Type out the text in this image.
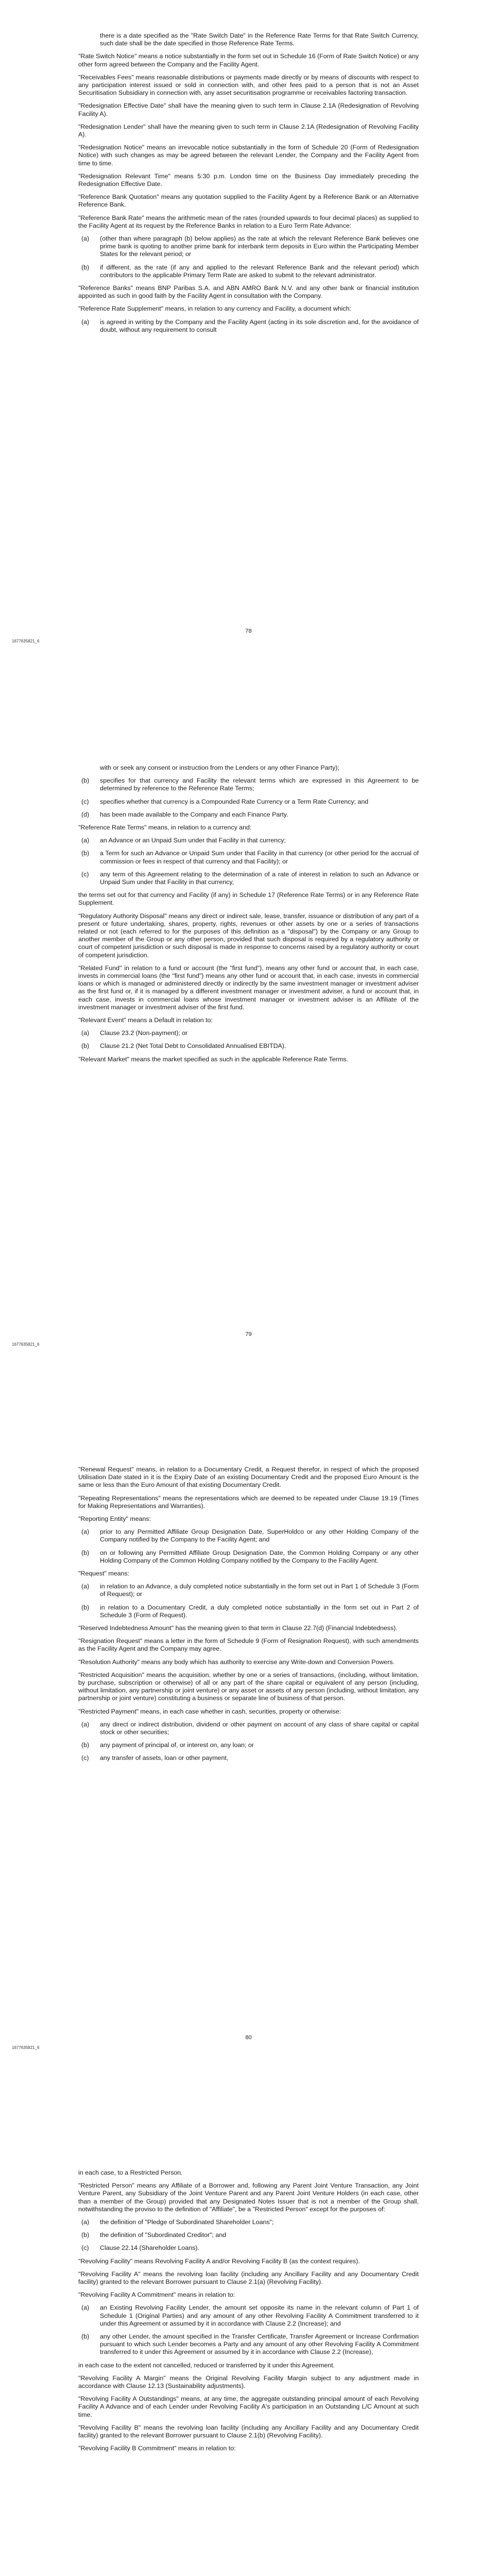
there is a date specified as the "Rate Switch Date" in the Reference Rate Terms for that Rate Switch Currency, such date shall be the date specified in those Reference Rate Terms.

"Rate Switch Notice" means a notice substantially in the form set out in Schedule 16 (Form of Rate Switch Notice) or any other form agreed between the Company and the Facility Agent.

"Receivables Fees" means reasonable distributions or payments made directly or by means of discounts with respect to any participation interest issued or sold in connection with, and other fees paid to a person that is not an Asset Securitisation Subsidiary in connection with, any asset securitisation programme or receivables factoring transaction.

"Redesignation Effective Date" shall have the meaning given to such term in Clause 2.1A (Redesignation of Revolving Facility A).

"Redesignation Lender" shall have the meaning given to such term in Clause 2.1A (Redesignation of Revolving Facility A).

"Redesignation Notice" means an irrevocable notice substantially in the form of Schedule 20 (Form of Redesignation Notice) with such changes as may be agreed between the relevant Lender, the Company and the Facility Agent from time to time.

"Redesignation Relevant Time" means 5:30 p.m. London time on the Business Day immediately preceding the Redesignation Effective Date.

"Reference Bank Quotation" means any quotation supplied to the Facility Agent by a Reference Bank or an Alternative Reference Bank.

"Reference Bank Rate" means the arithmetic mean of the rates (rounded upwards to four decimal places) as supplied to the Facility Agent at its request by the Reference Banks in relation to a Euro Term Rate Advance:

(a)	(other than where paragraph (b) below applies) as the rate at which the relevant Reference Bank believes one prime bank is quoting to another prime bank for interbank term deposits in Euro within the Participating Member States for the relevant period; or
(b)	if different, as the rate (if any and applied to the relevant Reference Bank and the relevant period) which contributors to the applicable Primary Term Rate are asked to submit to the relevant administrator.

"Reference Banks" means BNP Paribas S.A. and ABN AMRO Bank N.V. and any other bank or financial institution appointed as such in good faith by the Facility Agent in consultation with the Company.

"Reference Rate Supplement" means, in relation to any currency and Facility, a document which:

(a)	is agreed in writing by the Company and the Facility Agent (acting in its sole discretion and, for the avoidance of doubt, without any requirement to consult
78
1677635821_6

with or seek any consent or instruction from the Lenders or any other Finance Party);

(b)	specifies for that currency and Facility the relevant terms which are expressed in this Agreement to be determined by reference to the Reference Rate Terms;
(c)	specifies whether that currency is a Compounded Rate Currency or a Term Rate Currency; and
(d)	has been made available to the Company and each Finance Party.

"Reference Rate Terms" means, in relation to a currency and:

(a)	an Advance or an Unpaid Sum under that Facility in that currency;
(b)	a Term for such an Advance or Unpaid Sum under that Facility in that currency (or other period for the accrual of commission or fees in respect of that currency and that Facility); or
(c)	any term of this Agreement relating to the determination of a rate of interest in relation to such an Advance or Unpaid Sum under that Facility in that currency,

the terms set out for that currency and Facility (if any) in Schedule 17 (Reference Rate Terms) or in any Reference Rate Supplement.

"Regulatory Authority Disposal" means any direct or indirect sale, lease, transfer, issuance or distribution of any part of a present or future undertaking, shares, property, rights, revenues or other assets by one or a series of transactions related or not (each referred to for the purposes of this definition as a "disposal") by the Company or any Group to another member of the Group or any other person, provided that such disposal is required by a regulatory authority or court of competent jurisdiction or such disposal is made in response to concerns raised by a regulatory authority or court of competent jurisdiction.

"Related Fund" in relation to a fund or account (the "first fund"), means any other fund or account that, in each case, invests in commercial loans (the "first fund") means any other fund or account that, in each case, invests in commercial loans or which is managed or administered directly or indirectly by the same investment manager or investment adviser as the first fund or, if it is managed by a different investment manager or investment adviser, a fund or account that, in each case, invests in commercial loans whose investment manager or investment adviser is an Affiliate of the investment manager or investment adviser of the first fund.

"Relevant Event" means a Default in relation to:

(a)	Clause 23.2 (Non-payment); or
(b)	Clause 21.2 (Net Total Debt to Consolidated Annualised EBITDA).

"Relevant Market" means the market specified as such in the applicable Reference Rate Terms.

79
1677635821_6

"Renewal Request" means, in relation to a Documentary Credit, a Request therefor, in respect of which the proposed Utilisation Date stated in it is the Expiry Date of an existing Documentary Credit and the proposed Euro Amount is the same or less than the Euro Amount of that existing Documentary Credit.

"Repeating Representations" means the representations which are deemed to be repeated under Clause 19.19 (Times for Making Representations and Warranties).

"Reporting Entity" means:

(a)	prior to any Permitted Affiliate Group Designation Date, SuperHoldco or any other Holding Company of the Company notified by the Company to the Facility Agent; and
(b)	on or following any Permitted Affiliate Group Designation Date, the Common Holding Company or any other Holding Company of the Common Holding Company notified by the Company to the Facility Agent.

"Request" means:

(a)	in relation to an Advance, a duly completed notice substantially in the form set out in Part 1 of Schedule 3 (Form of Request); or
(b)	in relation to a Documentary Credit, a duly completed notice substantially in the form set out in Part 2 of Schedule 3 (Form of Request).

"Reserved Indebtedness Amount" has the meaning given to that term in Clause 22.7(d) (Financial Indebtedness).

"Resignation Request" means a letter in the form of Schedule 9 (Form of Resignation Request), with such amendments as the Facility Agent and the Company may agree.

"Resolution Authority" means any body which has authority to exercise any Write-down and Conversion Powers.

"Restricted Acquisition" means the acquisition, whether by one or a series of transactions, (including, without limitation, by purchase, subscription or otherwise) of all or any part of the share capital or equivalent of any person (including, without limitation, any partnership or joint venture) or any asset or assets of any person (including, without limitation, any partnership or joint venture) constituting a business or separate line of business of that person.

"Restricted Payment" means, in each case whether in cash, securities, property or otherwise:

(a)	any direct or indirect distribution, dividend or other payment on account of any class of share capital or capital stock or other securities;
(b)	any payment of principal of, or interest on, any loan; or
(c)	any transfer of assets, loan or other payment,
80
1677635821_6

in each case, to a Restricted Person.

"Restricted Person" means any Affiliate of a Borrower and, following any Parent Joint Venture Transaction, any Joint Venture Parent, any Subsidiary of the Joint Venture Parent and any Parent Joint Venture Holders (in each case, other than a member of the Group) provided that any Designated Notes Issuer that is not a member of the Group shall, notwithstanding the proviso to the definition of "Affiliate", be a "Restricted Person" except for the purposes of:

(a)	the definition of "Pledge of Subordinated Shareholder Loans";
(b)	the definition of "Subordinated Creditor"; and
(c)	Clause 22.14 (Shareholder Loans).

"Revolving Facility" means Revolving Facility A and/or Revolving Facility B (as the context requires).

"Revolving Facility A" means the revolving loan facility (including any Ancillary Facility and any Documentary Credit facility) granted to the relevant Borrower pursuant to Clause 2.1(a) (Revolving Facility).

"Revolving Facility A Commitment" means in relation to:

(a)	an Existing Revolving Facility Lender, the amount set opposite its name in the relevant column of Part 1 of Schedule 1 (Original Parties) and any amount of any other Revolving Facility A Commitment transferred to it under this Agreement or assumed by it in accordance with Clause 2.2 (Increase); and
(b)	any other Lender, the amount specified in the Transfer Certificate, Transfer Agreement or Increase Confirmation pursuant to which such Lender becomes a Party and any amount of any other Revolving Facility A Commitment transferred to it under this Agreement or assumed by it in accordance with Clause 2.2 (Increase),

in each case to the extent not cancelled, reduced or transferred by it under this Agreement.

"Revolving Facility A Margin" means the Original Revolving Facility Margin subject to any adjustment made in accordance with Clause 12.13 (Sustainability adjustments).

"Revolving Facility A Outstandings" means, at any time, the aggregate outstanding principal amount of each Revolving Facility A Advance and of each Lender under Revolving Facility A's participation in an Outstanding L/C Amount at such time.

"Revolving Facility B" means the revolving loan facility (including any Ancillary Facility and any Documentary Credit facility) granted to the relevant Borrower pursuant to Clause 2.1(b) (Revolving Facility).

"Revolving Facility B Commitment" means in relation to:
